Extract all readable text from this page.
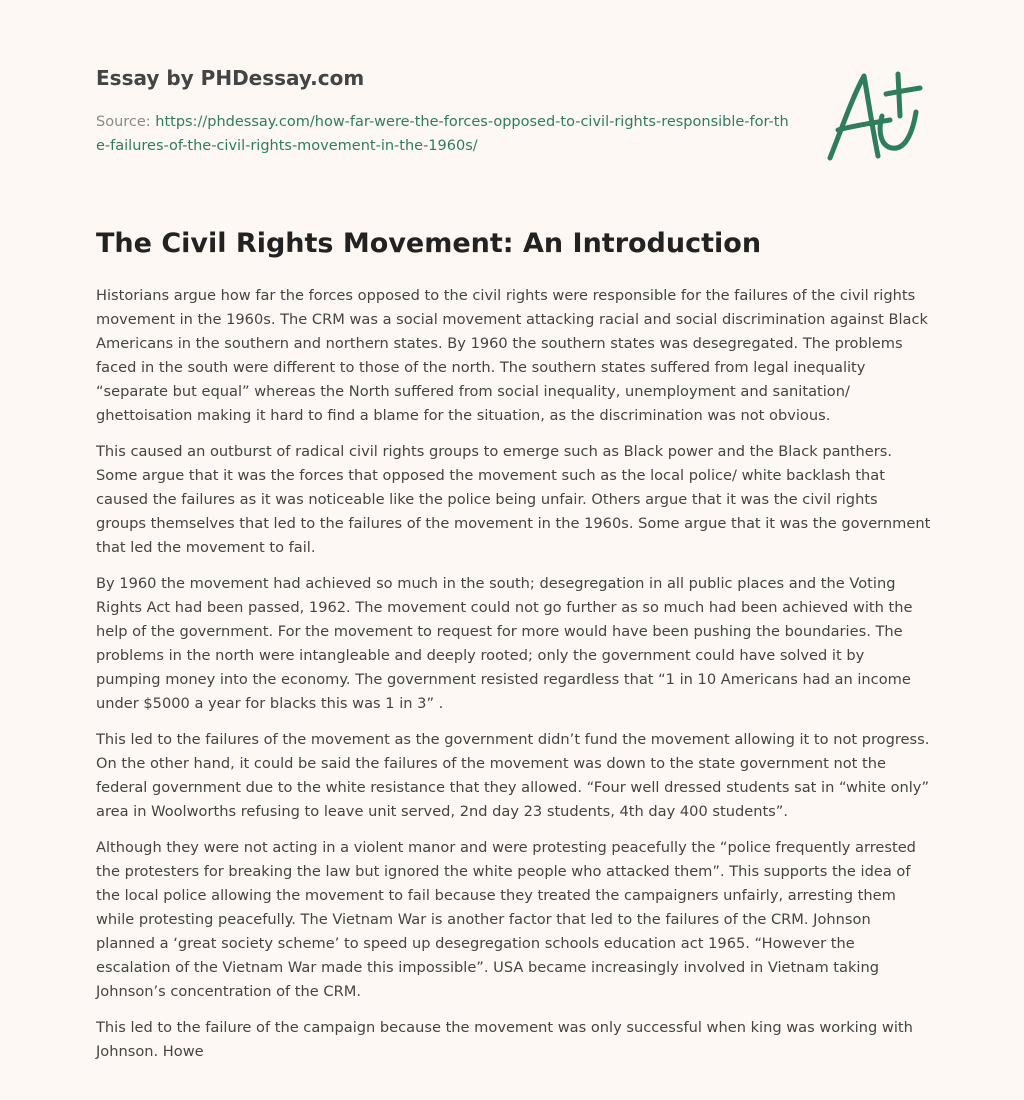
Essay by PHDessay.com

Source: https://phdessay.com/how-far-were-the-forces-opposed-to-civil-rights-responsible-for-the-failures-of-the-civil-rights-movement-in-the-1960s/
The Civil Rights Movement: An Introduction

Historians argue how far the forces opposed to the civil rights were responsible for the failures of the civil rights movement in the 1960s. The CRM was a social movement attacking racial and social discrimination against Black Americans in the southern and northern states. By 1960 the southern states was desegregated. The problems faced in the south were different to those of the north. The southern states suffered from legal inequality “separate but equal” whereas the North suffered from social inequality, unemployment and sanitation/ ghettoisation making it hard to find a blame for the situation, as the discrimination was not obvious.

This caused an outburst of radical civil rights groups to emerge such as Black power and the Black panthers. Some argue that it was the forces that opposed the movement such as the local police/ white backlash that caused the failures as it was noticeable like the police being unfair. Others argue that it was the civil rights groups themselves that led to the failures of the movement in the 1960s. Some argue that it was the government that led the movement to fail.

By 1960 the movement had achieved so much in the south; desegregation in all public places and the Voting Rights Act had been passed, 1962. The movement could not go further as so much had been achieved with the help of the government. For the movement to request for more would have been pushing the boundaries. The problems in the north were intangleable and deeply rooted; only the government could have solved it by pumping money into the economy. The government resisted regardless that “1 in 10 Americans had an income under $5000 a year for blacks this was 1 in 3” .

This led to the failures of the movement as the government didn’t fund the movement allowing it to not progress. On the other hand, it could be said the failures of the movement was down to the state government not the federal government due to the white resistance that they allowed. “Four well dressed students sat in “white only” area in Woolworths refusing to leave unit served, 2nd day 23 students, 4th day 400 students”.

Although they were not acting in a violent manor and were protesting peacefully the “police frequently arrested the protesters for breaking the law but ignored the white people who attacked them”. This supports the idea of the local police allowing the movement to fail because they treated the campaigners unfairly, arresting them while protesting peacefully. The Vietnam War is another factor that led to the failures of the CRM. Johnson planned a ‘great society scheme’ to speed up desegregation schools education act 1965. “However the escalation of the Vietnam War made this impossible”. USA became increasingly involved in Vietnam taking Johnson’s concentration of the CRM.

This led to the failure of the campaign because the movement was only successful when king was working with Johnson. Howe
